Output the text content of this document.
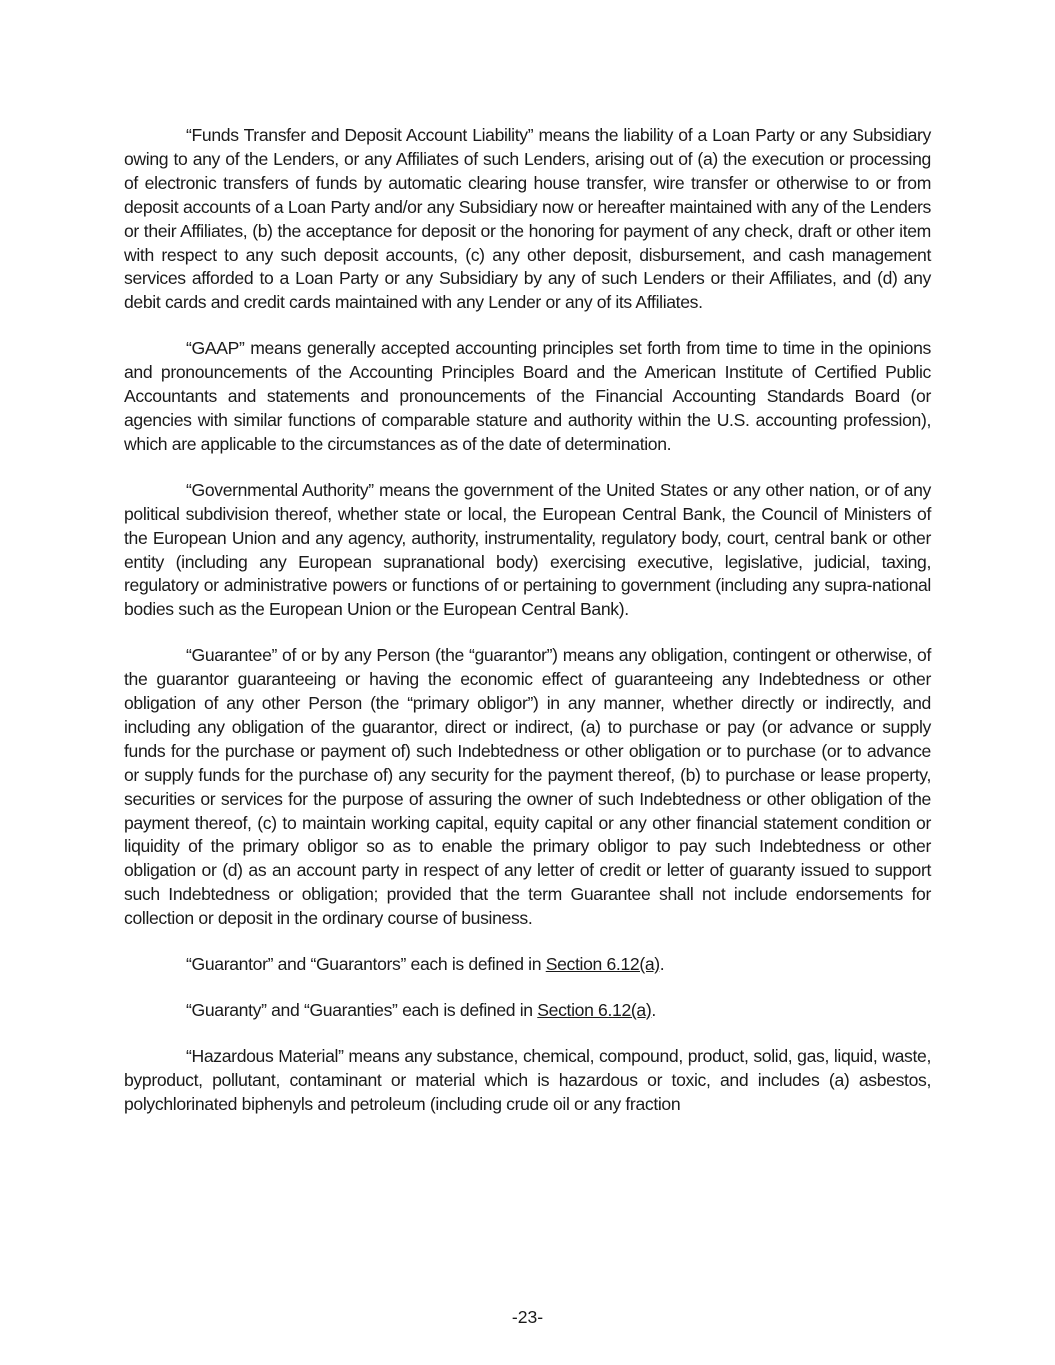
“Funds Transfer and Deposit Account Liability” means the liability of a Loan Party or any Subsidiary owing to any of the Lenders, or any Affiliates of such Lenders, arising out of (a) the execution or processing of electronic transfers of funds by automatic clearing house transfer, wire transfer or otherwise to or from deposit accounts of a Loan Party and/or any Subsidiary now or hereafter maintained with any of the Lenders or their Affiliates, (b) the acceptance for deposit or the honoring for payment of any check, draft or other item with respect to any such deposit accounts, (c) any other deposit, disbursement, and cash management services afforded to a Loan Party or any Subsidiary by any of such Lenders or their Affiliates, and (d) any debit cards and credit cards maintained with any Lender or any of its Affiliates.

“GAAP” means generally accepted accounting principles set forth from time to time in the opinions and pronouncements of the Accounting Principles Board and the American Institute of Certified Public Accountants and statements and pronouncements of the Financial Accounting Standards Board (or agencies with similar functions of comparable stature and authority within the U.S. accounting profession), which are applicable to the circumstances as of the date of determination.

“Governmental Authority” means the government of the United States or any other nation, or of any political subdivision thereof, whether state or local, the European Central Bank, the Council of Ministers of the European Union and any agency, authority, instrumentality, regulatory body, court, central bank or other entity (including any European supranational body) exercising executive, legislative, judicial, taxing, regulatory or administrative powers or functions of or pertaining to government (including any supra-national bodies such as the European Union or the European Central Bank).

“Guarantee” of or by any Person (the “guarantor”) means any obligation, contingent or otherwise, of the guarantor guaranteeing or having the economic effect of guaranteeing any Indebtedness or other obligation of any other Person (the “primary obligor”) in any manner, whether directly or indirectly, and including any obligation of the guarantor, direct or indirect, (a) to purchase or pay (or advance or supply funds for the purchase or payment of) such Indebtedness or other obligation or to purchase (or to advance or supply funds for the purchase of) any security for the payment thereof, (b) to purchase or lease property, securities or services for the purpose of assuring the owner of such Indebtedness or other obligation of the payment thereof, (c) to maintain working capital, equity capital or any other financial statement condition or liquidity of the primary obligor so as to enable the primary obligor to pay such Indebtedness or other obligation or (d) as an account party in respect of any letter of credit or letter of guaranty issued to support such Indebtedness or obligation; provided that the term Guarantee shall not include endorsements for collection or deposit in the ordinary course of business.

“Guarantor” and “Guarantors” each is defined in Section 6.12(a).

“Guaranty” and “Guaranties” each is defined in Section 6.12(a).

“Hazardous Material” means any substance, chemical, compound, product, solid, gas, liquid, waste, byproduct, pollutant, contaminant or material which is hazardous or toxic, and includes (a) asbestos, polychlorinated biphenyls and petroleum (including crude oil or any fraction

-23-
